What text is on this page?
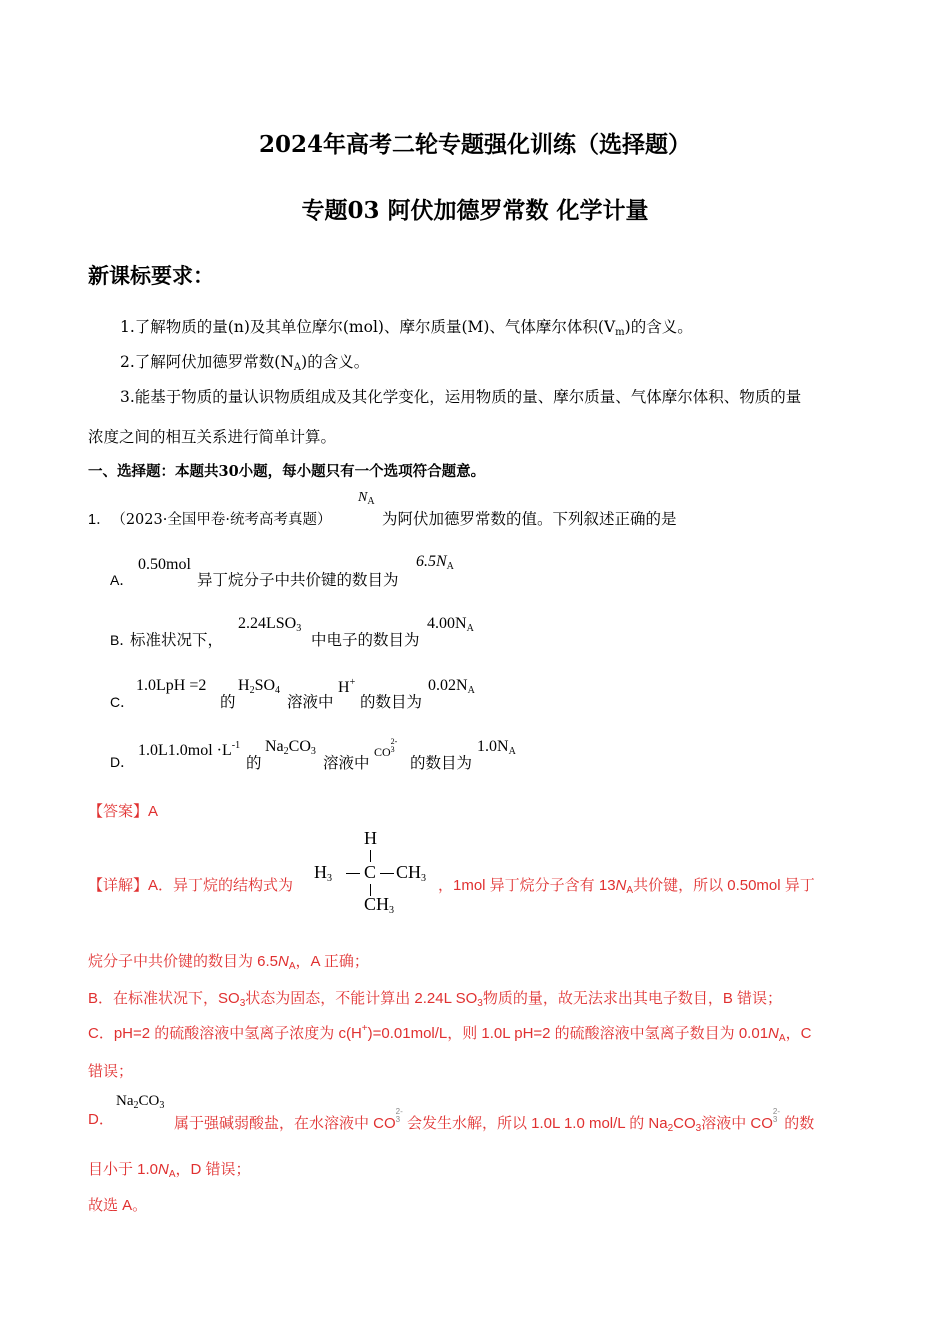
2024年高考二轮专题强化训练（选择题）
专题03 阿伏加德罗常数 化学计量
新课标要求：
1.了解物质的量(n)及其单位摩尔(mol)、摩尔质量(M)、气体摩尔体积$(V_m)$的含义。
2.了解阿伏加德罗常数$(N_A)$的含义。
3.能基于物质的量认识物质组成及其化学变化，运用物质的量、摩尔质量、气体摩尔体积、物质的量
浓度之间的相互关系进行简单计算。
一、选择题：本题共30小题，每小题只有一个选项符合题意。
1． （2023·全国甲卷·统考高考真题）
$N_A$
为阿伏加德罗常数的值。下列叙述正确的是
A．
0.50mol
异丁烷分子中共价键的数目为
$6.5N_A$
B．
标准状况下，
$2.24LSO_3$
中电子的数目为
$4.00N_A$
C．
1.0LpH =2
的
$H_2SO_4$
溶液中
H+
的数目为
$0.02N_A$
D．
$1.0L1.0mol \cdot L^{-1}$
的
$Na_2CO_3$
溶液中
CO2-
3
的数目为
$1.0N_A$
【答案】A
H
$H_3$ C $CH_3$
$CH_3$
【详解】A．异丁烷的结构式为	，1mol 异丁烷分子含有 $13N_A$共价键，所以 0.50mol 异丁
烷分子中共价键的数目为 $6.5N_A$，A 正确；
B．在标准状况下，$SO_3$状态为固态，不能计算出 2.24L $SO_3$物质的量，故无法求出其电子数目，B 错误；
C．pH=2 的硫酸溶液中氢离子浓度为 c(H+)=0.01mol/L，则 1.0L pH=2 的硫酸溶液中氢离子数目为 $0.01N_A$，C
错误；
D．
$Na_2CO_3$
属于强碱弱酸盐，在水溶液中 CO2-
3 会发生水解，所以 1.0L 1.0 mol/L 的 $Na_2CO_3$溶液中 CO2-
3 的数
目小于 $1.0N_A$，D 错误；
故选 A。
